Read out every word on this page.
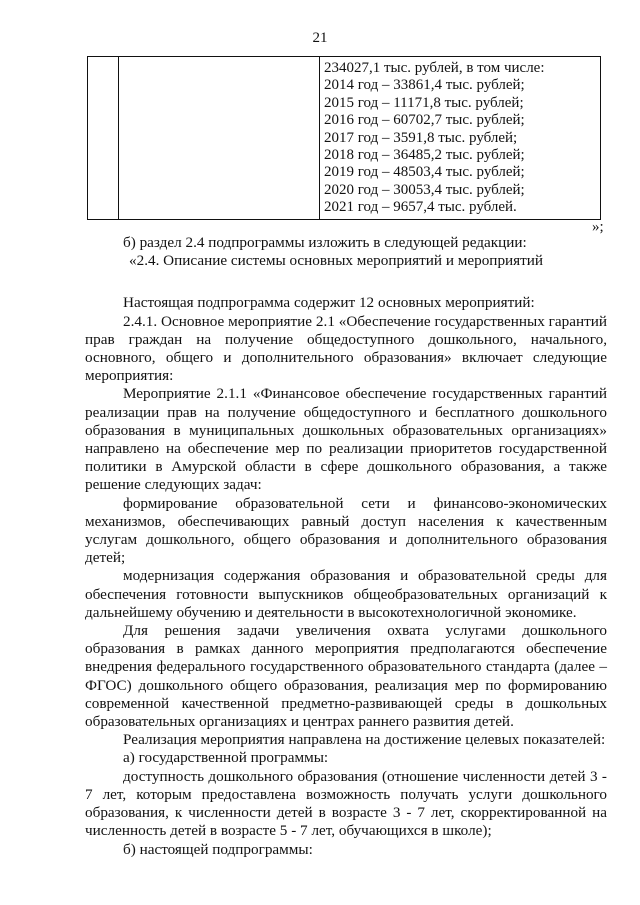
21

234027,1 тыс. рублей, в том числе:
2014 год – 33861,4 тыс. рублей;
2015 год – 11171,8 тыс. рублей;
2016 год – 60702,7 тыс. рублей;
2017 год – 3591,8 тыс. рублей;
2018 год – 36485,2 тыс. рублей;
2019 год – 48503,4 тыс. рублей;
2020 год – 30053,4 тыс. рублей;
2021 год – 9657,4 тыс. рублей.
»;

б) раздел 2.4 подпрограммы изложить в следующей редакции:

«2.4. Описание системы основных мероприятий и мероприятий

Настоящая подпрограмма содержит 12 основных мероприятий:

2.4.1. Основное мероприятие 2.1 «Обеспечение государственных гарантий прав граждан на получение общедоступного дошкольного, начального, основного, общего и дополнительного образования» включает следующие мероприятия:

Мероприятие 2.1.1 «Финансовое обеспечение государственных гарантий реализации прав на получение общедоступного и бесплатного дошкольного образования в муниципальных дошкольных образовательных организациях» направлено на обеспечение мер по реализации приоритетов государственной политики в Амурской области в сфере дошкольного образования, а также решение следующих задач:

формирование образовательной сети и финансово-экономических механизмов, обеспечивающих равный доступ населения к качественным услугам дошкольного, общего образования и дополнительного образования детей;

модернизация содержания образования и образовательной среды для обеспечения готовности выпускников общеобразовательных организаций к дальнейшему обучению и деятельности в высокотехнологичной экономике.

Для решения задачи увеличения охвата услугами дошкольного образования в рамках данного мероприятия предполагаются обеспечение внедрения федерального государственного образовательного стандарта (далее – ФГОС) дошкольного общего образования, реализация мер по формированию современной качественной предметно-развивающей среды в дошкольных образовательных организациях и центрах раннего развития детей.

Реализация мероприятия направлена на достижение целевых показателей:

а) государственной программы:

доступность дошкольного образования (отношение численности детей 3 - 7 лет, которым предоставлена возможность получать услуги дошкольного образования, к численности детей в возрасте 3 - 7 лет, скорректированной на численность детей в возрасте 5 - 7 лет, обучающихся в школе);

б) настоящей подпрограммы:
